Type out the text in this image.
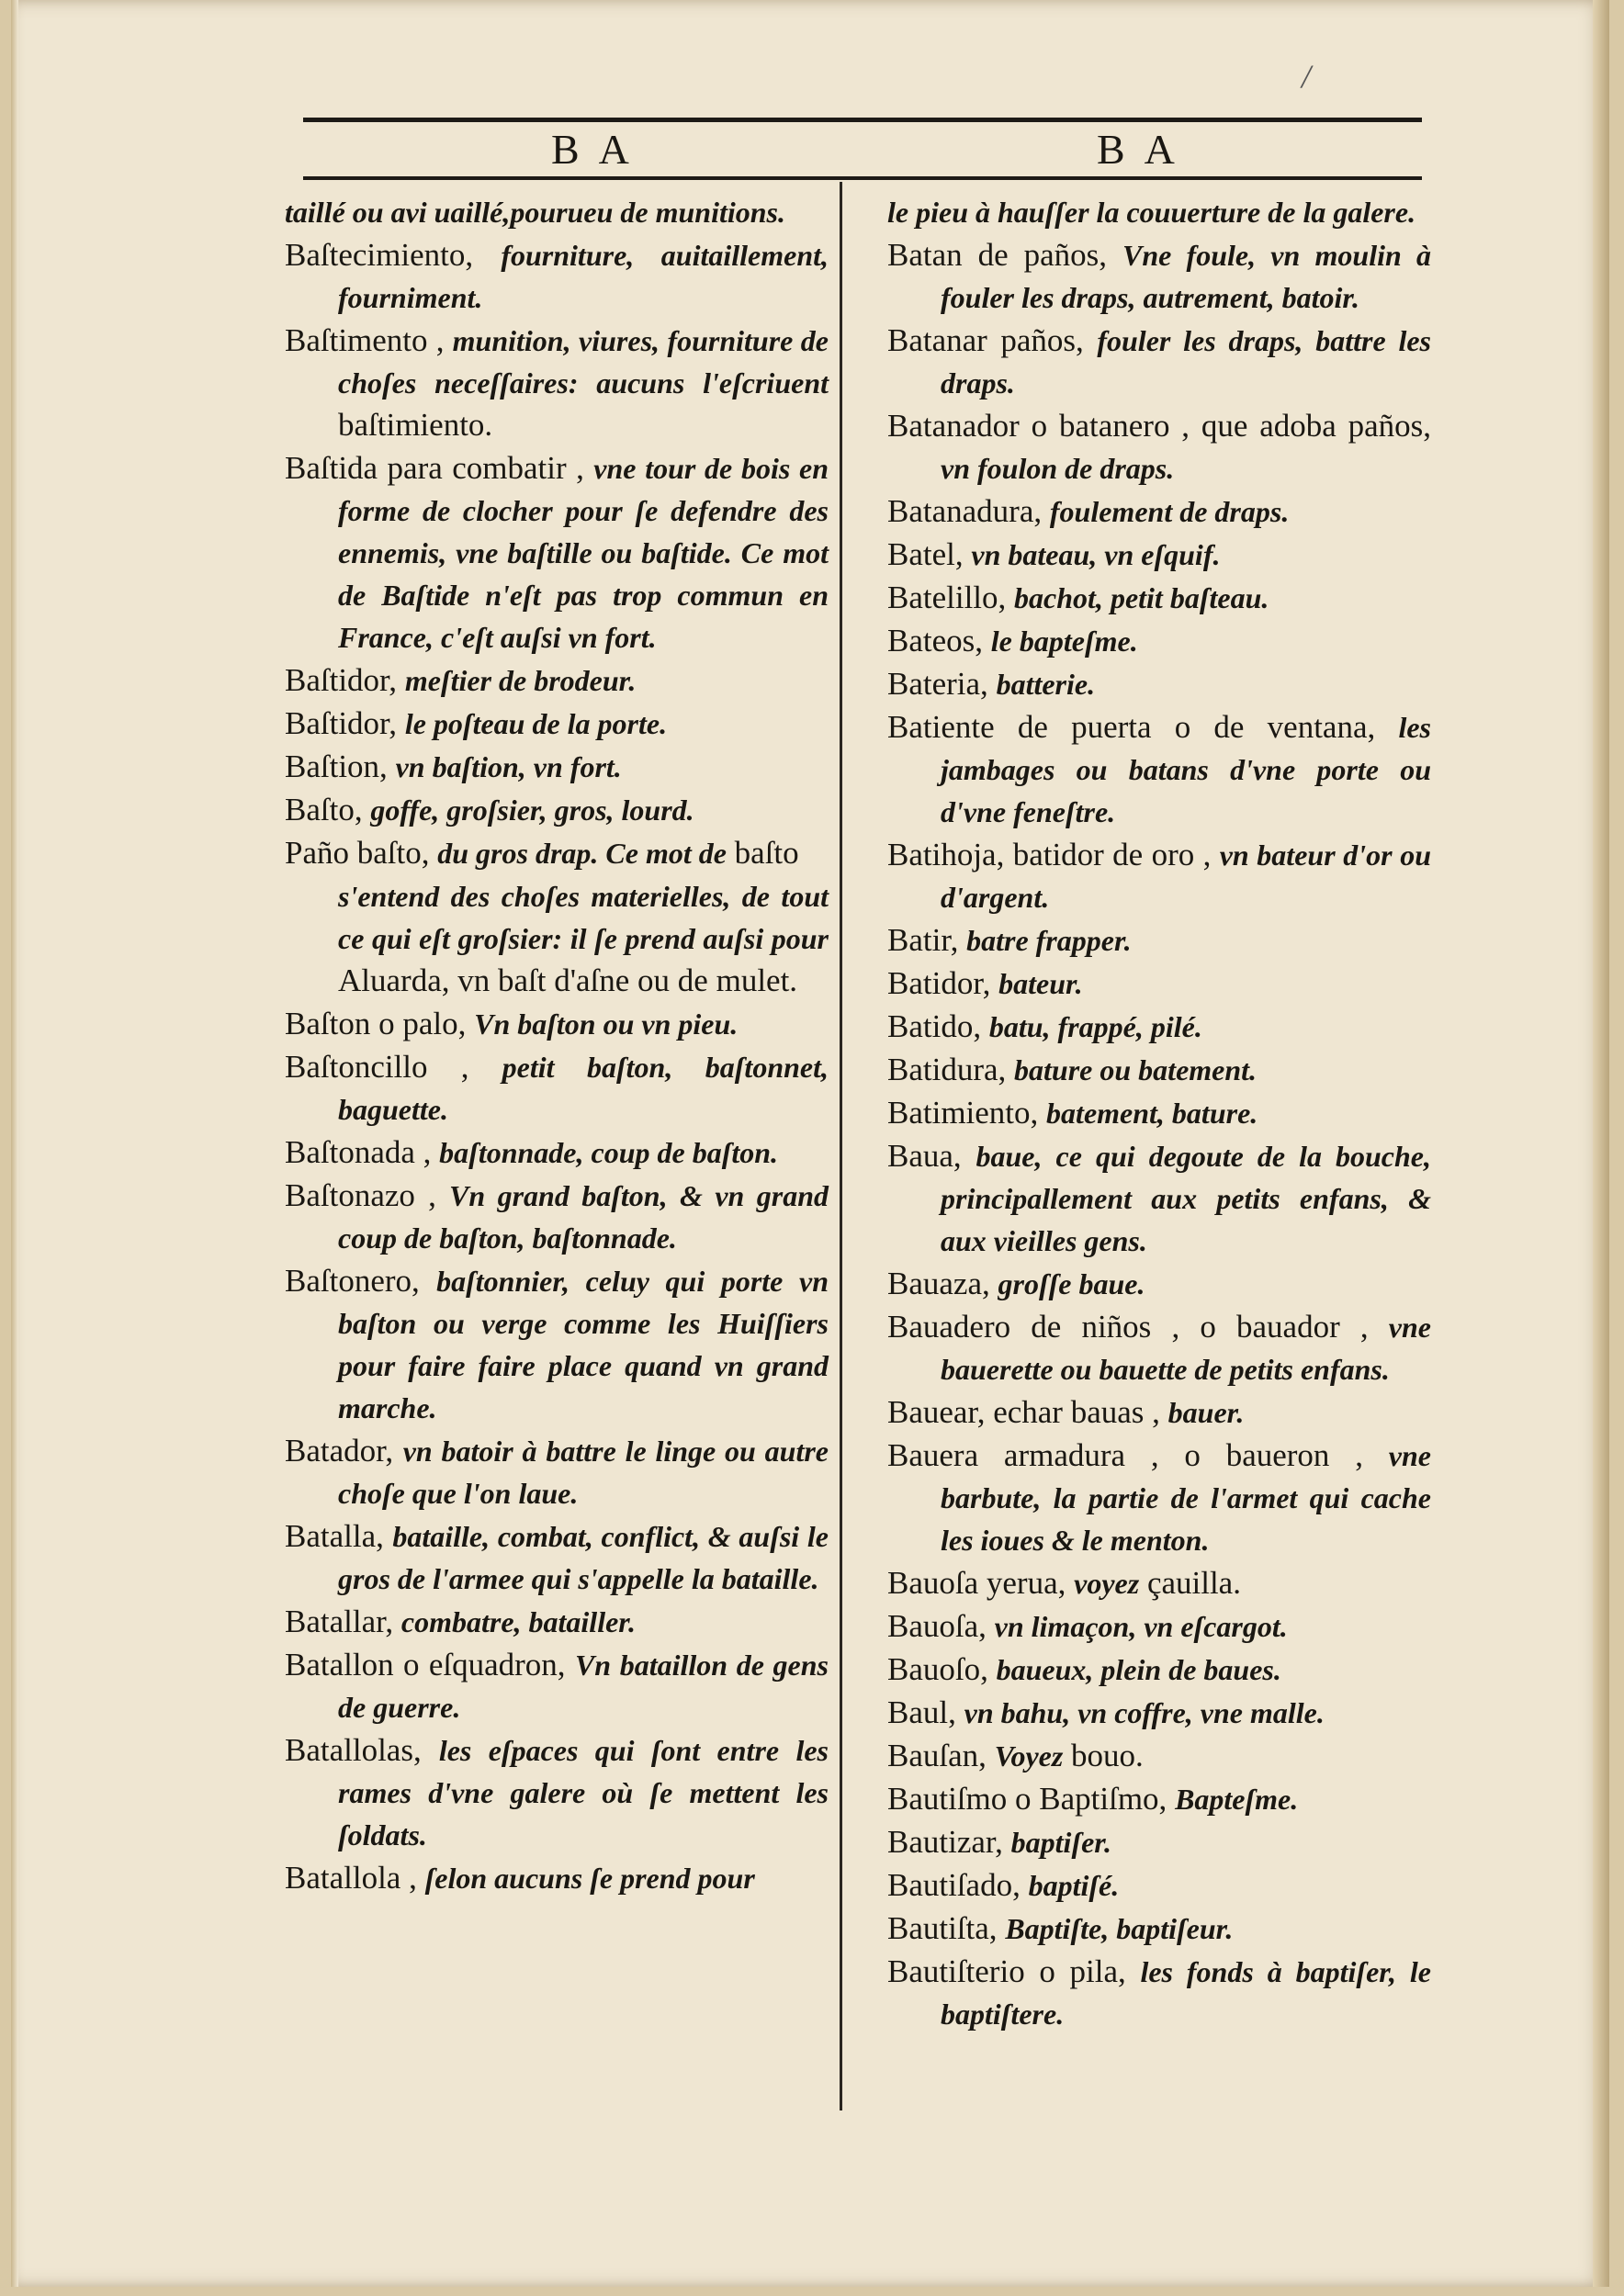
/
B A	B A

taillé ou avi uaillé,pourueu de munitions.

Baſtecimiento, fourniture, auitaillement, fourniment.

Baſtimento , munition, viures, fourniture de choſes neceſſaires: aucuns l'eſcriuent baſtimiento.

Baſtida para combatir , vne tour de bois en forme de clocher pour ſe defendre des ennemis, vne baſtille ou baſtide. Ce mot de Baſtide n'eſt pas trop commun en France, c'eſt auſsi vn fort.

Baſtidor, meſtier de brodeur.

Baſtidor, le poſteau de la porte.

Baſtion, vn baſtion, vn fort.

Baſto, goffe, groſsier, gros, lourd.

Paño baſto, du gros drap. Ce mot de baſto

s'entend des choſes materielles, de tout ce qui eſt groſsier: il ſe prend auſsi pour Aluarda, vn baſt d'aſne ou de mulet.

Baſton o palo, Vn baſton ou vn pieu.

Baſtoncillo , petit baſton, baſtonnet, baguette.

Baſtonada , baſtonnade, coup de baſton.

Baſtonazo , Vn grand baſton, & vn grand coup de baſton, baſtonnade.

Baſtonero, baſtonnier, celuy qui porte vn baſton ou verge comme les Huiſſiers pour faire faire place quand vn grand marche.

Batador, vn batoir à battre le linge ou autre choſe que l'on laue.

Batalla, bataille, combat, conflict, & auſsi le gros de l'armee qui s'appelle la bataille.

Batallar, combatre, batailler.

Batallon o eſquadron, Vn bataillon de gens de guerre.

Batallolas, les eſpaces qui ſont entre les rames d'vne galere où ſe mettent les ſoldats.

Batallola , ſelon aucuns ſe prend pour

le pieu à hauſſer la couuerture de la galere.

Batan de paños, Vne foule, vn moulin à fouler les draps, autrement, batoir.

Batanar paños, fouler les draps, battre les draps.

Batanador o batanero , que adoba paños, vn foulon de draps.

Batanadura, foulement de draps.

Batel, vn bateau, vn eſquif.

Batelillo, bachot, petit baſteau.

Bateos, le bapteſme.

Bateria, batterie.

Batiente de puerta o de ventana, les jambages ou batans d'vne porte ou d'vne feneſtre.

Batihoja, batidor de oro , vn bateur d'or ou d'argent.

Batir, batre frapper.

Batidor, bateur.

Batido, batu, frappé, pilé.

Batidura, bature ou batement.

Batimiento, batement, bature.

Baua, baue, ce qui degoute de la bouche, principallement aux petits enfans, & aux vieilles gens.

Bauaza, groſſe baue.

Bauadero de niños , o bauador , vne bauerette ou bauette de petits enfans.

Bauear, echar bauas , bauer.

Bauera armadura , o baueron , vne barbute, la partie de l'armet qui cache les ioues & le menton.

Bauoſa yerua, voyez çauilla.

Bauoſa, vn limaçon, vn eſcargot.

Bauoſo, baueux, plein de baues.

Baul, vn bahu, vn coffre, vne malle.

Bauſan, Voyez bouo.

Bautiſmo o Baptiſmo, Bapteſme.

Bautizar, baptiſer.

Bautiſado, baptiſé.

Bautiſta, Baptiſte, baptiſeur.

Bautiſterio o pila, les fonds à baptiſer, le baptiſtere.
